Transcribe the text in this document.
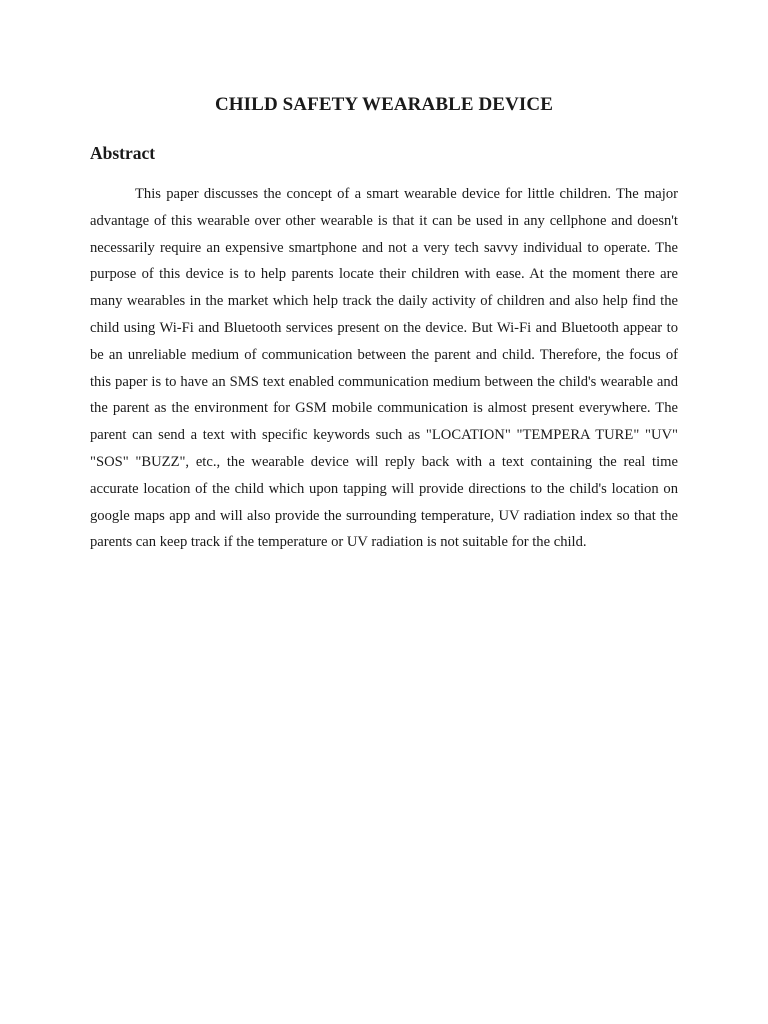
CHILD SAFETY WEARABLE DEVICE
Abstract

This paper discusses the concept of a smart wearable device for little children. The major advantage of this wearable over other wearable is that it can be used in any cellphone and doesn't necessarily require an expensive smartphone and not a very tech savvy individual to operate. The purpose of this device is to help parents locate their children with ease. At the moment there are many wearables in the market which help track the daily activity of children and also help find the child using Wi-Fi and Bluetooth services present on the device. But Wi-Fi and Bluetooth appear to be an unreliable medium of communication between the parent and child. Therefore, the focus of this paper is to have an SMS text enabled communication medium between the child's wearable and the parent as the environment for GSM mobile communication is almost present everywhere. The parent can send a text with specific keywords such as "LOCATION" "TEMPERA TURE" "UV" "SOS" "BUZZ", etc., the wearable device will reply back with a text containing the real time accurate location of the child which upon tapping will provide directions to the child's location on google maps app and will also provide the surrounding temperature, UV radiation index so that the parents can keep track if the temperature or UV radiation is not suitable for the child.
